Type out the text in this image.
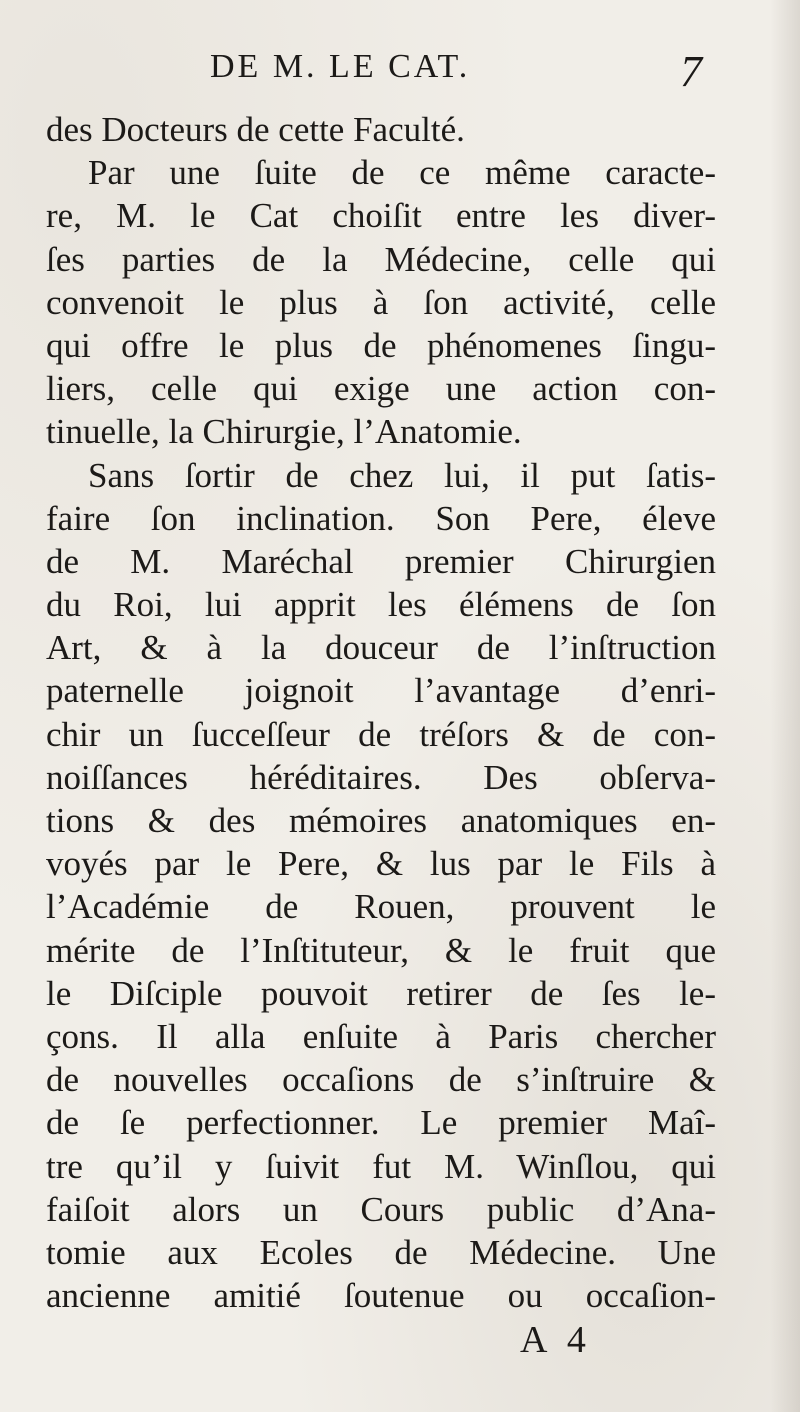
DE M. LE CAT.	7
des Docteurs de cette Faculté.
Par une ſuite de ce même caracte-
re, M. le Cat choiſit entre les diver-
ſes parties de la Médecine, celle qui
convenoit le plus à ſon activité, celle
qui offre le plus de phénomenes ſingu-
liers, celle qui exige une action con-
tinuelle, la Chirurgie, l’Anatomie.
Sans ſortir de chez lui, il put ſatis-
faire ſon inclination. Son Pere, éleve
de M. Maréchal premier Chirurgien
du Roi, lui apprit les élémens de ſon
Art, & à la douceur de l’inſtruction
paternelle joignoit l’avantage d’enri-
chir un ſucceſſeur de tréſors & de con-
noiſſances héréditaires. Des obſerva-
tions & des mémoires anatomiques en-
voyés par le Pere, & lus par le Fils à
l’Académie de Rouen, prouvent le
mérite de l’Inſtituteur, & le fruit que
le Diſciple pouvoit retirer de ſes le-
çons. Il alla enſuite à Paris chercher
de nouvelles occaſions de s’inſtruire &
de ſe perfectionner. Le premier Maî-
tre qu’il y ſuivit fut M. Winſlou, qui
faiſoit alors un Cours public d’Ana-
tomie aux Ecoles de Médecine. Une
ancienne amitié ſoutenue ou occaſion-
A 4
